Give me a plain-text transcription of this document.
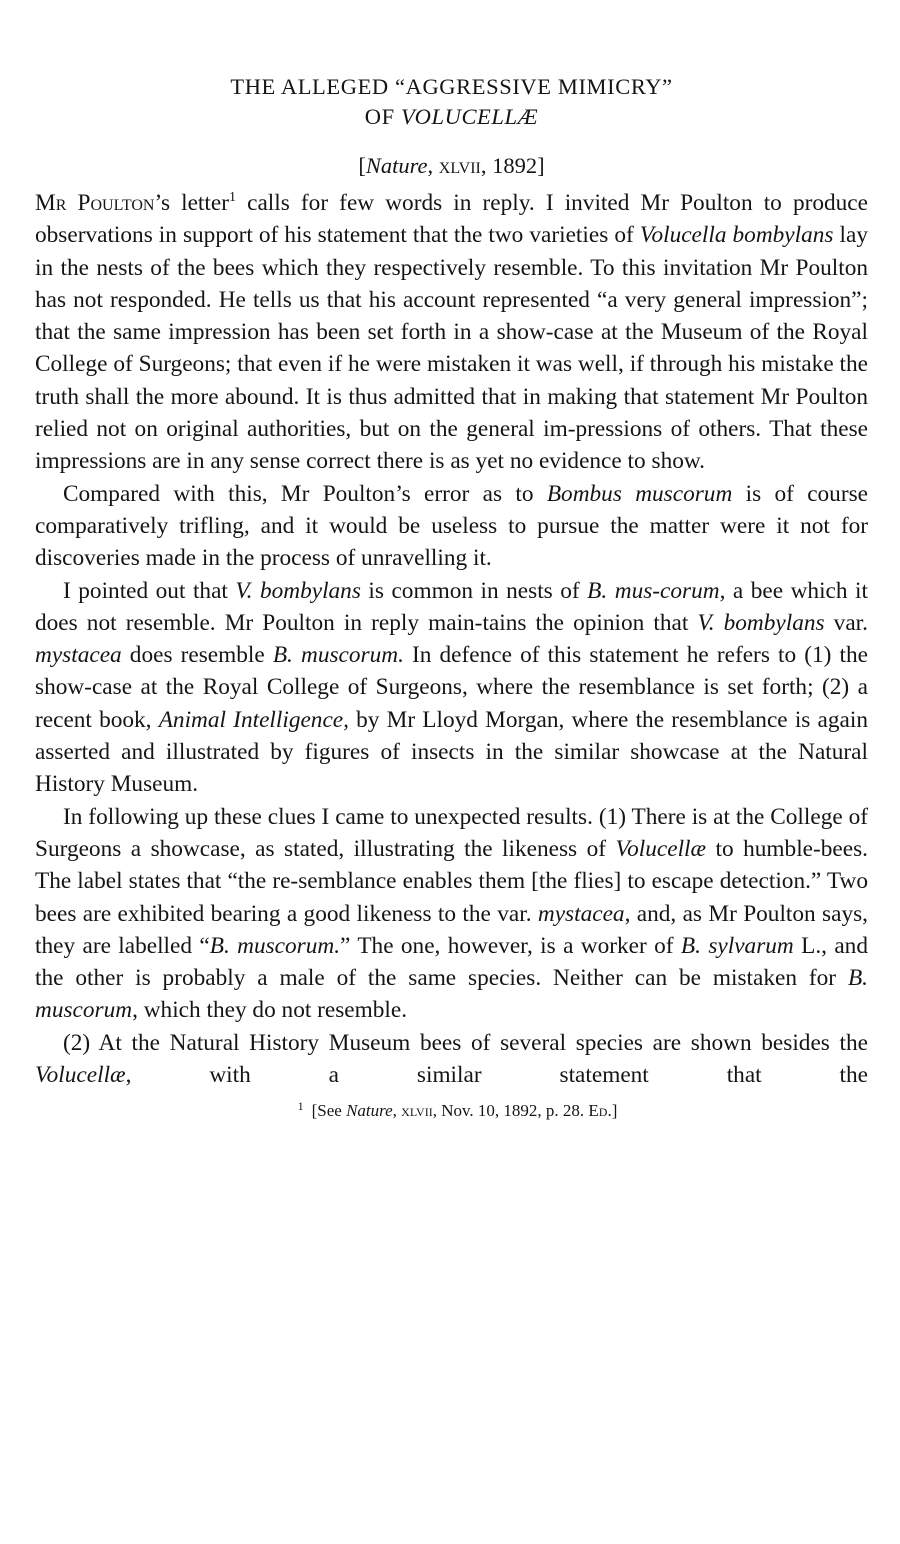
THE ALLEGED “AGGRESSIVE MIMICRY”
OF VOLUCELLÆ
[Nature, xlvii, 1892]

Mr Poulton’s letter$^1$ calls for few words in reply. I invited Mr Poulton to produce observations in support of his statement that the two varieties of Volucella bombylans lay in the nests of the bees which they respectively resemble. To this invitation Mr Poulton has not responded. He tells us that his account represented “a very general impression”; that the same impression has been set forth in a show-case at the Museum of the Royal College of Surgeons; that even if he were mistaken it was well, if through his mistake the truth shall the more abound. It is thus admitted that in making that statement Mr Poulton relied not on original authorities, but on the general im-pressions of others. That these impressions are in any sense correct there is as yet no evidence to show.

Compared with this, Mr Poulton’s error as to Bombus muscorum is of course comparatively trifling, and it would be useless to pursue the matter were it not for discoveries made in the process of unravelling it.

I pointed out that V. bombylans is common in nests of B. mus-corum, a bee which it does not resemble. Mr Poulton in reply main-tains the opinion that V. bombylans var. mystacea does resemble B. muscorum. In defence of this statement he refers to (1) the show-case at the Royal College of Surgeons, where the resemblance is set forth; (2) a recent book, Animal Intelligence, by Mr Lloyd Morgan, where the resemblance is again asserted and illustrated by figures of insects in the similar showcase at the Natural History Museum.

In following up these clues I came to unexpected results. (1) There is at the College of Surgeons a showcase, as stated, illustrating the likeness of Volucellæ to humble-bees. The label states that “the re-semblance enables them [the flies] to escape detection.” Two bees are exhibited bearing a good likeness to the var. mystacea, and, as Mr Poulton says, they are labelled “B. muscorum.” The one, however, is a worker of B. sylvarum L., and the other is probably a male of the same species. Neither can be mistaken for B. muscorum, which they do not resemble.

(2) At the Natural History Museum bees of several species are shown besides the Volucellæ, with a similar statement that the

$^1$ [See Nature, xlvii, Nov. 10, 1892, p. 28. Ed.]
